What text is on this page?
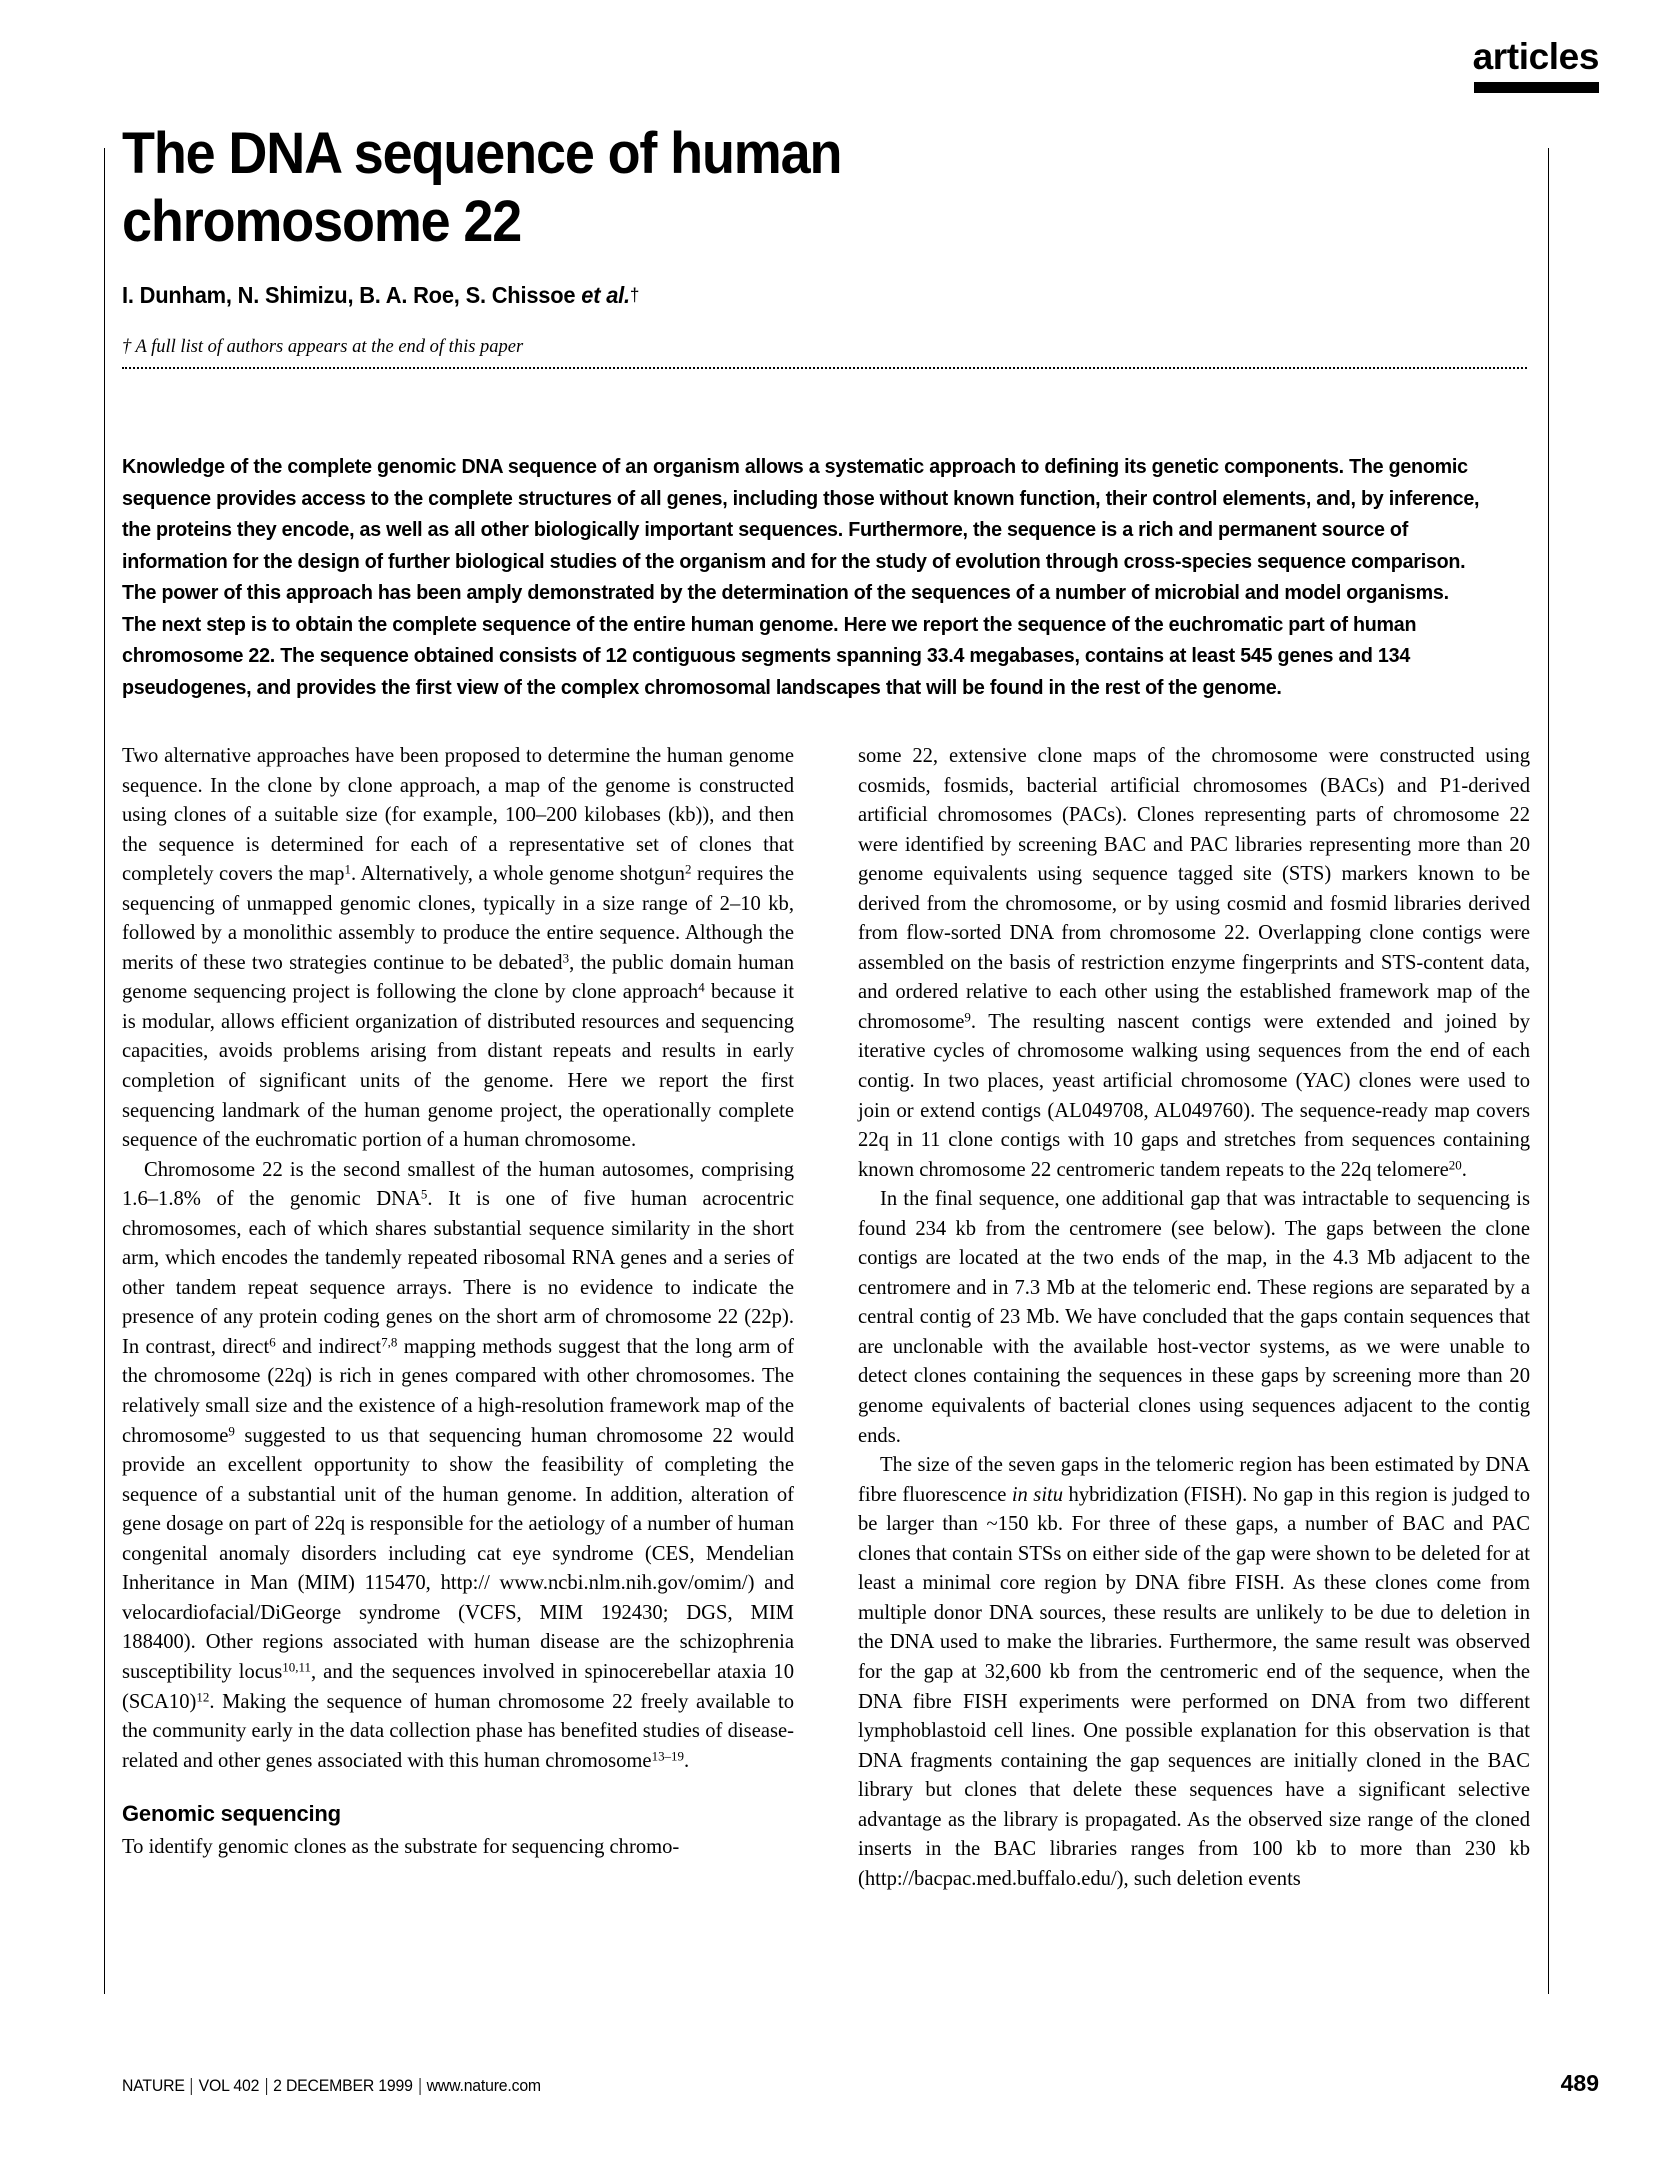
articles
The DNA sequence of human
chromosome 22

I. Dunham, N. Shimizu, B. A. Roe, S. Chissoe et al.†

† A full list of authors appears at the end of this paper

Knowledge of the complete genomic DNA sequence of an organism allows a systematic approach to defining its genetic components. The genomic sequence provides access to the complete structures of all genes, including those without known function, their control elements, and, by inference, the proteins they encode, as well as all other biologically important sequences. Furthermore, the sequence is a rich and permanent source of information for the design of further biological studies of the organism and for the study of evolution through cross-species sequence comparison. The power of this approach has been amply demonstrated by the determination of the sequences of a number of microbial and model organisms. The next step is to obtain the complete sequence of the entire human genome. Here we report the sequence of the euchromatic part of human chromosome 22. The sequence obtained consists of 12 contiguous segments spanning 33.4 megabases, contains at least 545 genes and 134 pseudogenes, and provides the first view of the complex chromosomal landscapes that will be found in the rest of the genome.

Two alternative approaches have been proposed to determine the human genome sequence. In the clone by clone approach, a map of the genome is constructed using clones of a suitable size (for example, 100–200 kilobases (kb)), and then the sequence is determined for each of a representative set of clones that completely covers the map$^1$. Alternatively, a whole genome shotgun$^2$ requires the sequencing of unmapped genomic clones, typically in a size range of 2–10 kb, followed by a monolithic assembly to produce the entire sequence. Although the merits of these two strategies continue to be debated$^3$, the public domain human genome sequencing project is following the clone by clone approach$^4$ because it is modular, allows efficient organization of distributed resources and sequencing capacities, avoids problems arising from distant repeats and results in early completion of significant units of the genome. Here we report the first sequencing landmark of the human genome project, the operationally complete sequence of the euchromatic portion of a human chromosome.

Chromosome 22 is the second smallest of the human autosomes, comprising 1.6–1.8% of the genomic DNA$^5$. It is one of five human acrocentric chromosomes, each of which shares substantial sequence similarity in the short arm, which encodes the tandemly repeated ribosomal RNA genes and a series of other tandem repeat sequence arrays. There is no evidence to indicate the presence of any protein coding genes on the short arm of chromosome 22 (22p). In contrast, direct$^6$ and indirect$^{7,8}$ mapping methods suggest that the long arm of the chromosome (22q) is rich in genes compared with other chromosomes. The relatively small size and the existence of a high-resolution framework map of the chromosome$^9$ suggested to us that sequencing human chromosome 22 would provide an excellent opportunity to show the feasibility of completing the sequence of a substantial unit of the human genome. In addition, alteration of gene dosage on part of 22q is responsible for the aetiology of a number of human congenital anomaly disorders including cat eye syndrome (CES, Mendelian Inheritance in Man (MIM) 115470, http:// www.ncbi.nlm.nih.gov/omim/) and velocardiofacial/DiGeorge syndrome (VCFS, MIM 192430; DGS, MIM 188400). Other regions associated with human disease are the schizophrenia susceptibility locus$^{10,11}$, and the sequences involved in spinocerebellar ataxia 10 $(SCA10)^{12}$. Making the sequence of human chromosome 22 freely available to the community early in the data collection phase has benefited studies of disease-related and other genes associated with this human chromosome$^{13-19}$.

Genomic sequencing

To identify genomic clones as the substrate for sequencing chromo-

some 22, extensive clone maps of the chromosome were constructed using cosmids, fosmids, bacterial artificial chromosomes (BACs) and P1-derived artificial chromosomes (PACs). Clones representing parts of chromosome 22 were identified by screening BAC and PAC libraries representing more than 20 genome equivalents using sequence tagged site (STS) markers known to be derived from the chromosome, or by using cosmid and fosmid libraries derived from flow-sorted DNA from chromosome 22. Overlapping clone contigs were assembled on the basis of restriction enzyme fingerprints and STS-content data, and ordered relative to each other using the established framework map of the chromosome$^9$. The resulting nascent contigs were extended and joined by iterative cycles of chromosome walking using sequences from the end of each contig. In two places, yeast artificial chromosome (YAC) clones were used to join or extend contigs (AL049708, AL049760). The sequence-ready map covers 22q in 11 clone contigs with 10 gaps and stretches from sequences containing known chromosome 22 centromeric tandem repeats to the 22q telomere$^{20}$.

In the final sequence, one additional gap that was intractable to sequencing is found 234 kb from the centromere (see below). The gaps between the clone contigs are located at the two ends of the map, in the 4.3 Mb adjacent to the centromere and in 7.3 Mb at the telomeric end. These regions are separated by a central contig of 23 Mb. We have concluded that the gaps contain sequences that are unclonable with the available host-vector systems, as we were unable to detect clones containing the sequences in these gaps by screening more than 20 genome equivalents of bacterial clones using sequences adjacent to the contig ends.

The size of the seven gaps in the telomeric region has been estimated by DNA fibre fluorescence in situ hybridization (FISH). No gap in this region is judged to be larger than ~150 kb. For three of these gaps, a number of BAC and PAC clones that contain STSs on either side of the gap were shown to be deleted for at least a minimal core region by DNA fibre FISH. As these clones come from multiple donor DNA sources, these results are unlikely to be due to deletion in the DNA used to make the libraries. Furthermore, the same result was observed for the gap at 32,600 kb from the centromeric end of the sequence, when the DNA fibre FISH experiments were performed on DNA from two different lymphoblastoid cell lines. One possible explanation for this observation is that DNA fragments containing the gap sequences are initially cloned in the BAC library but clones that delete these sequences have a significant selective advantage as the library is propagated. As the observed size range of the cloned inserts in the BAC libraries ranges from 100 kb to more than 230 kb (http://bacpac.med.buffalo.edu/), such deletion events

NATURE VOL 402 2 DECEMBER 1999 www.nature.com	489
